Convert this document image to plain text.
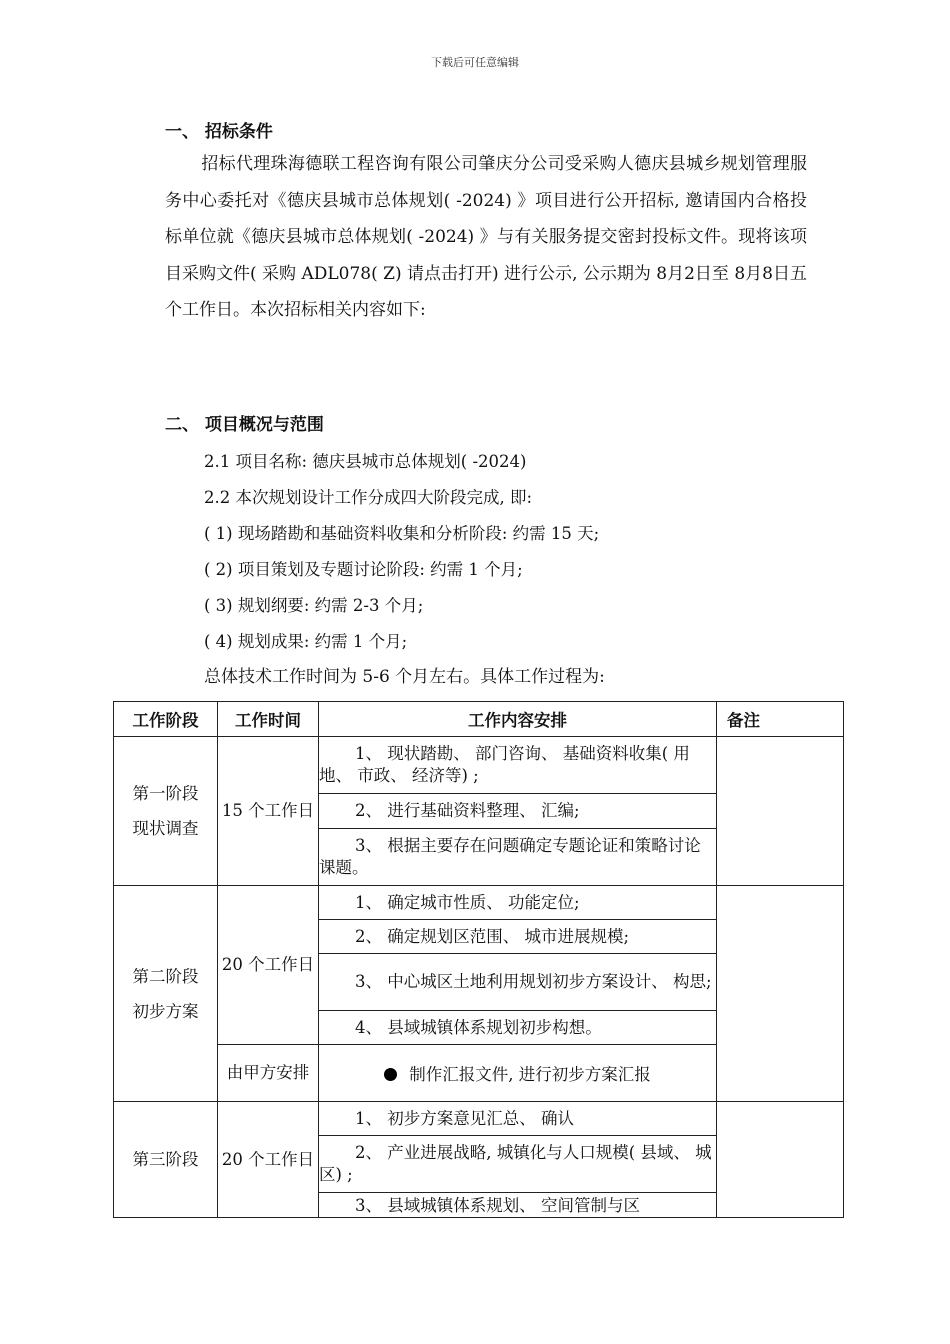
下载后可任意编辑
一、 招标条件
招标代理珠海德联工程咨询有限公司肇庆分公司受采购人德庆县城乡规划管理服务中心委托对《德庆县城市总体规划( -2024) 》项目进行公开招标, 邀请国内合格投标单位就《德庆县城市总体规划( -2024) 》与有关服务提交密封投标文件。现将该项目采购文件( 采购 ADL078( Z) 请点击打开) 进行公示, 公示期为 8月2日至 8月8日五个工作日。本次招标相关内容如下:
二、 项目概况与范围
2.1 项目名称: 德庆县城市总体规划( -2024)
2.2 本次规划设计工作分成四大阶段完成, 即:
( 1) 现场踏勘和基础资料收集和分析阶段: 约需 15 天;
( 2) 项目策划及专题讨论阶段: 约需 1 个月;
( 3) 规划纲要: 约需 2-3 个月;
( 4) 规划成果: 约需 1 个月;
总体技术工作时间为 5-6 个月左右。具体工作过程为:
工作阶段	工作时间	工作内容安排	备注

第一阶段
现状调查	15 个工作日	1、 现状踏勘、 部门咨询、 基础资料收集( 用地、 市政、 经济等) ;	
		2、 进行基础资料整理、 汇编;	
		3、 根据主要存在问题确定专题论证和策略讨论课题。	

第二阶段
初步方案	20 个工作日	1、 确定城市性质、 功能定位;	
		2、 确定规划区范围、 城市进展规模;	
		3、 中心城区土地利用规划初步方案设计、 构思;	
		4、 县域城镇体系规划初步构想。	
	由甲方安排	制作汇报文件, 进行初步方案汇报	
第三阶段	20 个工作日	1、 初步方案意见汇总、 确认	
		2、 产业进展战略, 城镇化与人口规模( 县域、 城区) ;	
		3、 县域城镇体系规划、 空间管制与区	
